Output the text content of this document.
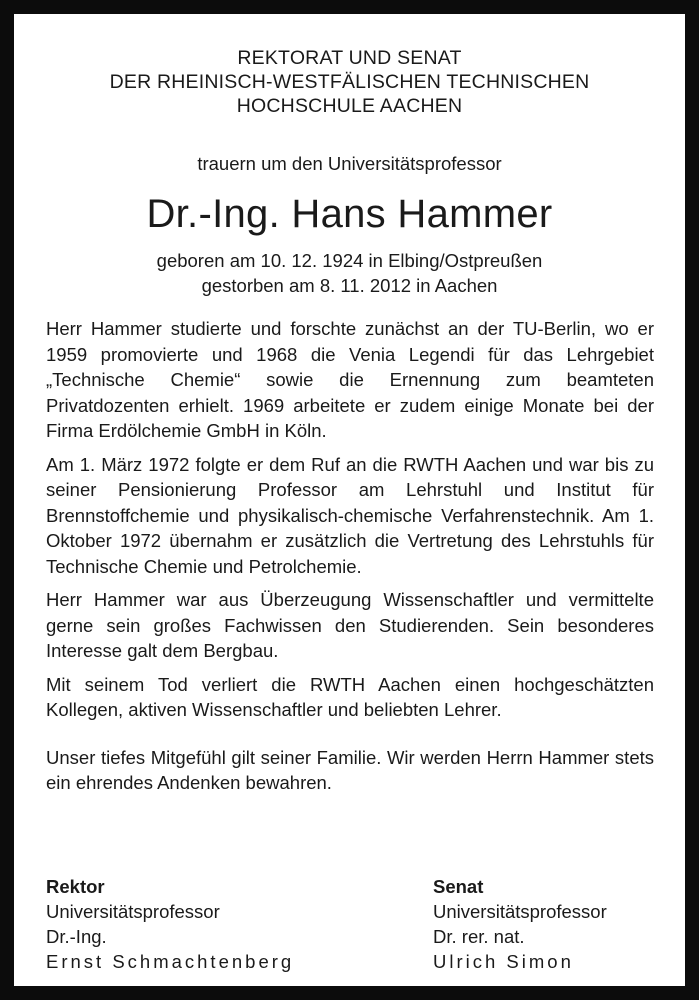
REKTORAT UND SENAT
DER RHEINISCH-WESTFÄLISCHEN TECHNISCHEN
HOCHSCHULE AACHEN
trauern um den Universitätsprofessor
Dr.-Ing. Hans Hammer
geboren am 10. 12. 1924 in Elbing/Ostpreußen
gestorben am 8. 11. 2012 in Aachen

Herr Hammer studierte und forschte zunächst an der TU-Berlin, wo er 1959 promovierte und 1968 die Venia Legendi für das Lehrgebiet „Technische Chemie“ sowie die Ernennung zum beamteten Privatdozenten erhielt. 1969 arbeitete er zudem einige Monate bei der Firma Erdölchemie GmbH in Köln.

Am 1. März 1972 folgte er dem Ruf an die RWTH Aachen und war bis zu seiner Pensionierung Professor am Lehrstuhl und Institut für Brennstoffchemie und physikalisch-chemische Verfahrenstechnik. Am 1. Oktober 1972 übernahm er zusätzlich die Vertretung des Lehrstuhls für Technische Chemie und Petrolchemie.

Herr Hammer war aus Überzeugung Wissenschaftler und vermittelte gerne sein großes Fachwissen den Studierenden. Sein besonderes Interesse galt dem Bergbau.

Mit seinem Tod verliert die RWTH Aachen einen hochgeschätzten Kollegen, aktiven Wissenschaftler und beliebten Lehrer.

Unser tiefes Mitgefühl gilt seiner Familie. Wir werden Herrn Hammer stets ein ehrendes Andenken bewahren.

Rektor
Universitätsprofessor
Dr.-Ing.
Ernst Schmachtenberg
Senat
Universitätsprofessor
Dr. rer. nat.
Ulrich Simon
